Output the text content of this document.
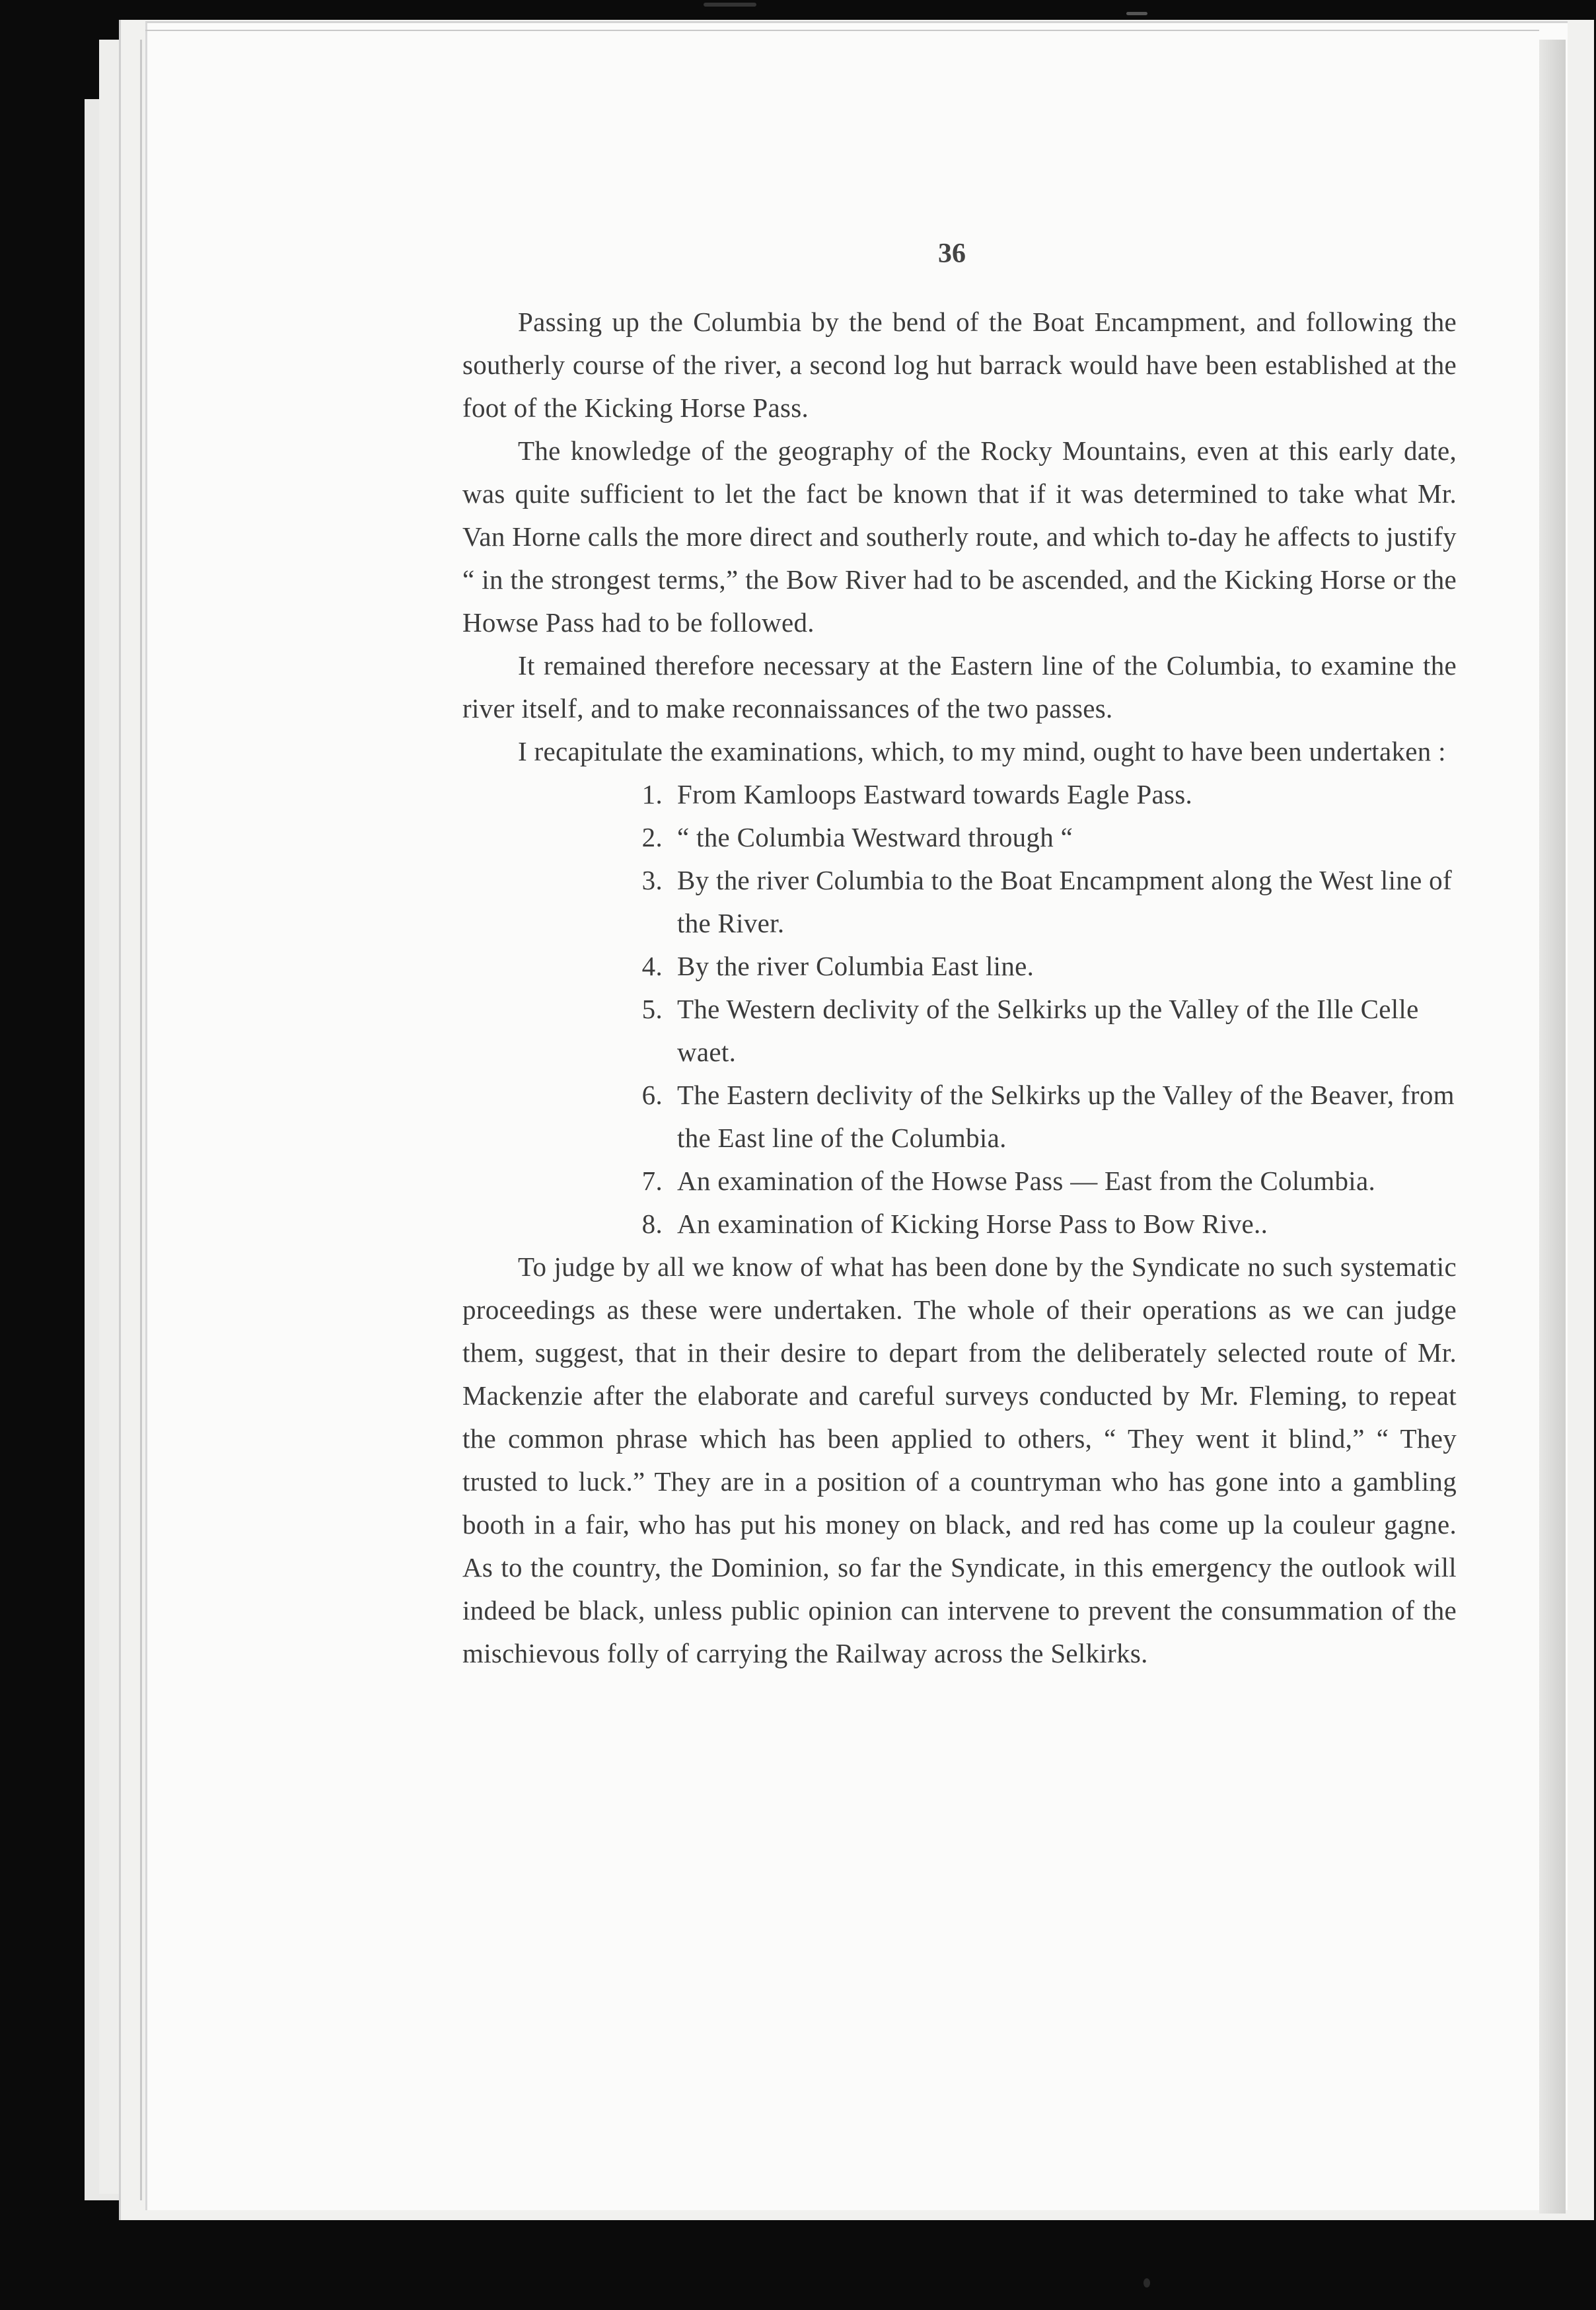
36

Passing up the Columbia by the bend of the Boat Encampment, and following the southerly course of the river, a second log hut barrack would have been established at the foot of the Kicking Horse Pass.

The knowledge of the geography of the Rocky Mountains, even at this early date, was quite sufficient to let the fact be known that if it was determined to take what Mr. Van Horne calls the more direct and southerly route, and which to-day he affects to justify “ in the strongest terms,” the Bow River had to be ascended, and the Kicking Horse or the Howse Pass had to be followed.

It remained therefore necessary at the Eastern line of the Columbia, to examine the river itself, and to make reconnaissances of the two passes.

I recapitulate the examinations, which, to my mind, ought to have been undertaken :

1. From Kamloops Eastward towards Eagle Pass.
2. “ the Columbia Westward through “
3. By the river Columbia to the Boat Encampment along the West line of the River.
4. By the river Columbia East line.
5. The Western declivity of the Selkirks up the Valley of the Ille Celle waet.
6. The Eastern declivity of the Selkirks up the Valley of the Beaver, from the East line of the Columbia.
7. An examination of the Howse Pass — East from the Columbia.
8. An examination of Kicking Horse Pass to Bow Rive..

To judge by all we know of what has been done by the Syndicate no such systematic proceedings as these were undertaken. The whole of their operations as we can judge them, suggest, that in their desire to depart from the deliberately selected route of Mr. Mackenzie after the elaborate and careful surveys conducted by Mr. Fleming, to repeat the common phrase which has been applied to others, “ They went it blind,” “ They trusted to luck.” They are in a position of a countryman who has gone into a gambling booth in a fair, who has put his money on black, and red has come up la couleur gagne. As to the country, the Dominion, so far the Syndicate, in this emergency the outlook will indeed be black, unless public opinion can intervene to prevent the consummation of the mischievous folly of carrying the Railway across the Selkirks.
